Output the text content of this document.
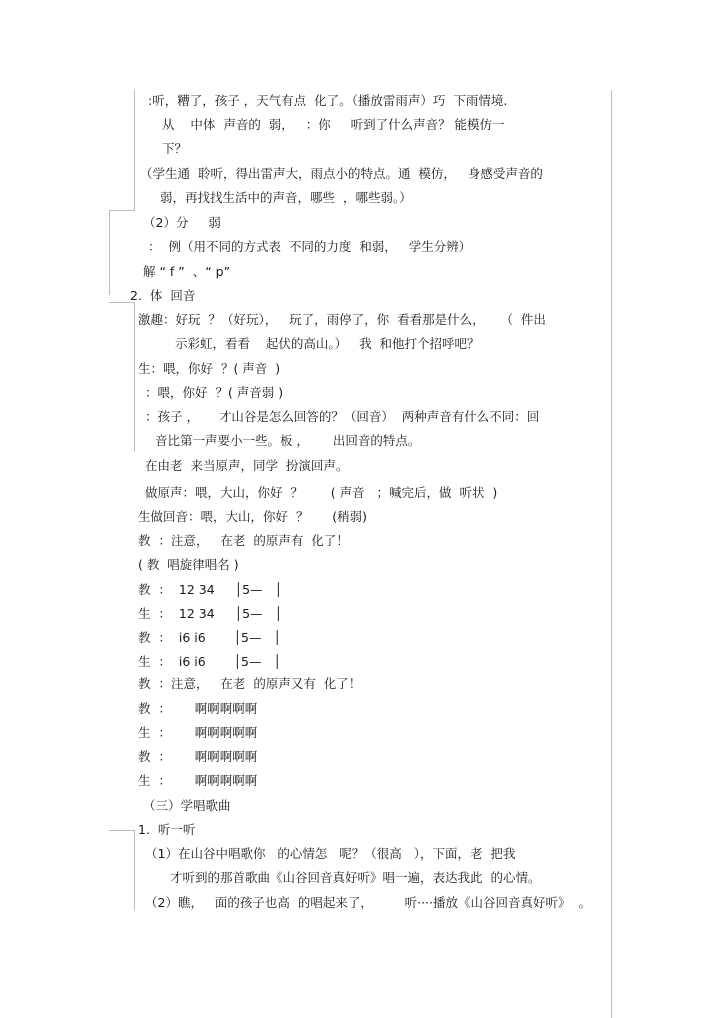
:听，糟了，孩子 ，天气有点  化了。（播放雷雨声）巧  下雨情境.
从    中体  声音的  弱，   ：你     听到了什么声音？ 能模仿一
下？
（学生通  聆听，得出雷声大，雨点小的特点。通  模仿，   身感受声音的
弱，再找找生活中的声音，哪些  ，哪些弱。）
（2）分     弱
：  例（用不同的方式表  不同的力度  和弱，   学生分辨）
解 “ f ”  、“ p”
2.  体  回音
激趣：好玩  ？（好玩），   玩了，雨停了，你  看看那是什么，    （  件出
示彩虹，看看    起伏的高山。）   我  和他打个招呼吧？
生：喂，你好  ？( 声音  )
：喂，你好  ？( 声音弱 )
：孩子 ，     才山谷是怎么回答的？（回音）  两种声音有什么不同：回
音比第一声要小一些。板 ，      出回音的特点。
在由老  来当原声，同学  扮演回声。
做原声：喂，大山，你好  ？       ( 声音   ；喊完后，做  听状  )
生做回音：喂，大山，你好  ？      (稍弱)
教  ：注意，   在老  的原声有  化了！
( 教  唱旋律唱名 )
教  ：  12 34     │5—   │
生  ：  12 34     │5—   │
教  ：  i6 i6       │5—   │
生  ：  i6 i6       │5—   │
教  ：注意，   在老  的原声又有  化了！
教  ：      啊啊啊啊啊
生  ：      啊啊啊啊啊
教  ：      啊啊啊啊啊
生  ：      啊啊啊啊啊
（三）学唱歌曲
1.  听一听
（1）在山谷中唱歌你   的心情怎   呢？（很高   ），下面，老  把我
才听到的那首歌曲《山谷回音真好听》唱一遍，表达我此  的心情。
（2）瞧，   面的孩子也高  的唱起来了，        听····播放《山谷回音真好听》  。
